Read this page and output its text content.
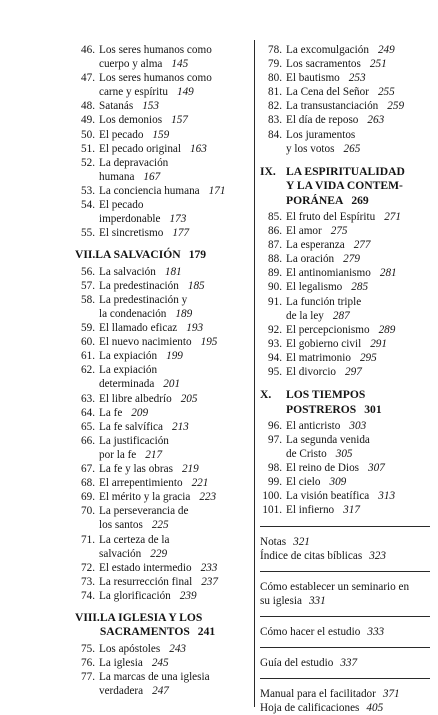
46. Los seres humanos como
cuerpo y alma 145
47. Los seres humanos como
carne y espíritu 149
48. Satanás 153
49. Los demonios 157
50. El pecado 159
51. El pecado original 163
52. La depravación
humana 167
53. La conciencia humana 171
54. El pecado
imperdonable 173
55. El sincretismo 177
VII. LA SALVACIÓN 179
56. La salvación 181
57. La predestinación 185
58. La predestinación y
la condenación 189
59. El llamado eficaz 193
60. El nuevo nacimiento 195
61. La expiación 199
62. La expiación
determinada 201
63. El libre albedrío 205
64. La fe 209
65. La fe salvífica 213
66. La justificación
por la fe 217
67. La fe y las obras 219
68. El arrepentimiento 221
69. El mérito y la gracia 223
70. La perseverancia de
los santos 225
71. La certeza de la
salvación 229
72. El estado intermedio 233
73. La resurrección final 237
74. La glorificación 239
VIII. LA IGLESIA Y LOS
SACRAMENTOS 241
75. Los apóstoles 243
76. La iglesia 245
77. La marcas de una iglesia
verdadera 247
78. La excomulgación 249
79. Los sacramentos 251
80. El bautismo 253
81. La Cena del Señor 255
82. La transustanciación 259
83. El día de reposo 263
84. Los juramentos
y los votos 265
IX. LA ESPIRITUALIDAD
Y LA VIDA CONTEM-
PORÁNEA 269
85. El fruto del Espíritu 271
86. El amor 275
87. La esperanza 277
88. La oración 279
89. El antinomianismo 281
90. El legalismo 285
91. La función triple
de la ley 287
92. El percepcionismo 289
93. El gobierno civil 291
94. El matrimonio 295
95. El divorcio 297
X.	LOS TIEMPOS
POSTREROS 301
96. El anticristo 303
97. La segunda venida
de Cristo 305
98. El reino de Dios 307
99. El cielo 309
100. La visión beatífica 313
101. El infierno 317
Notas 321
Índice de citas bíblicas 323
Cómo establecer un seminario en
su iglesia 331
Cómo hacer el estudio 333
Guía del estudio 337
Manual para el facilitador 371
Hoja de calificaciones 405
